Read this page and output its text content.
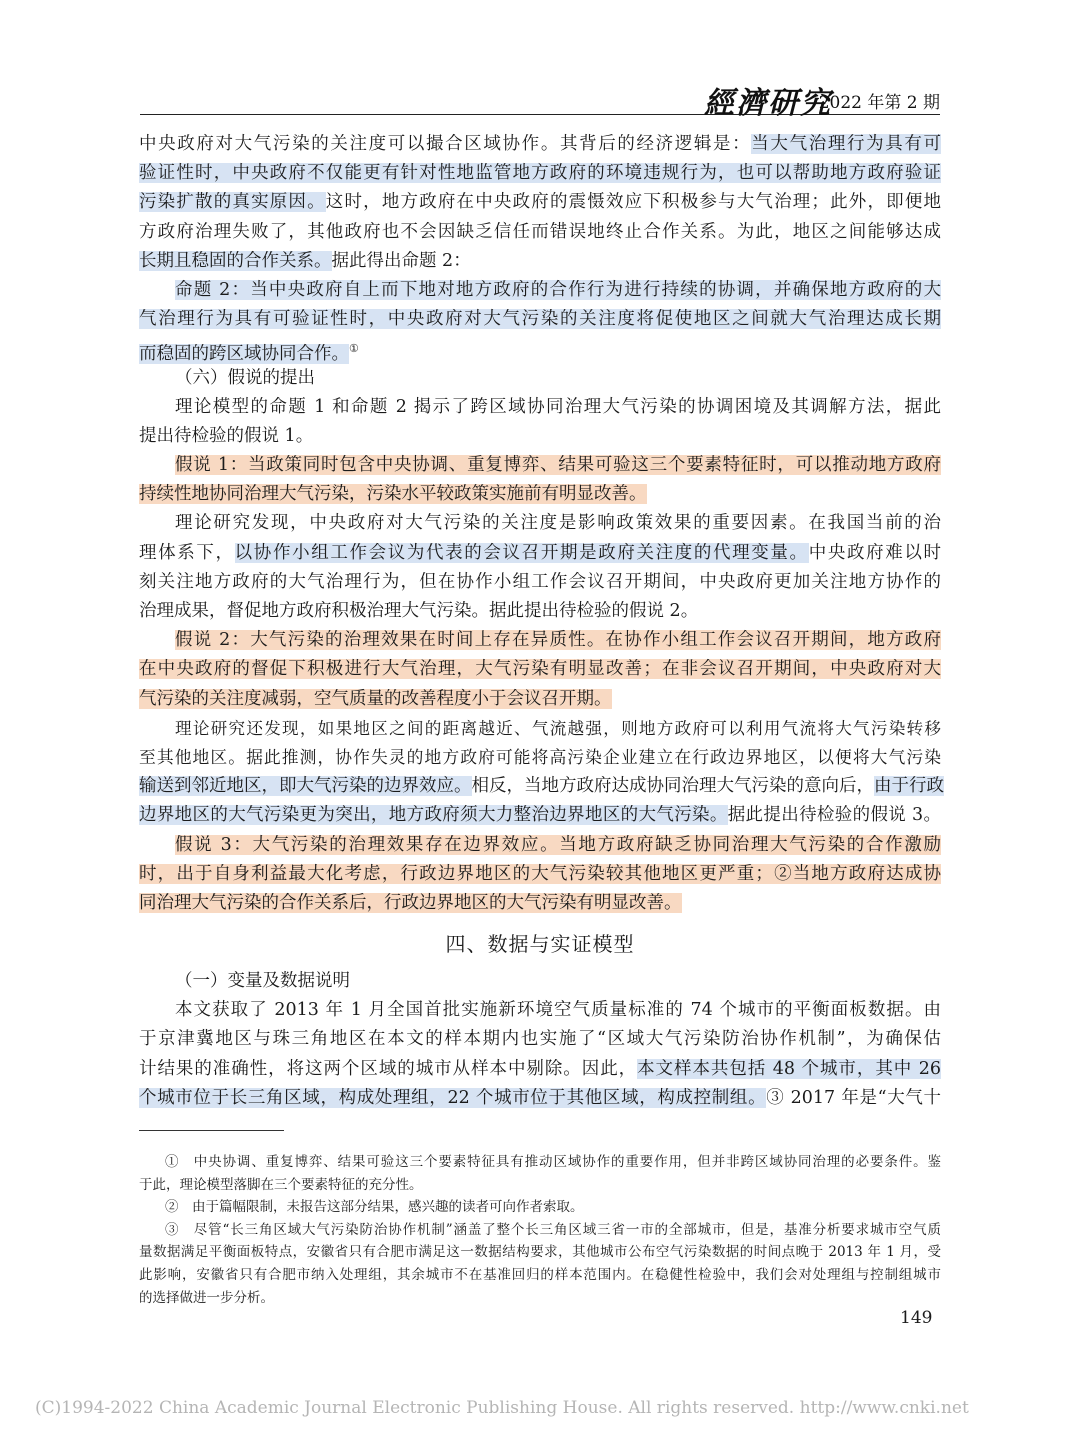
經濟研究
2022 年第 2 期
中央政府对大气污染的关注度可以撮合区域协作。其背后的经济逻辑是：当大气治理行为具有可
验证性时，中央政府不仅能更有针对性地监管地方政府的环境违规行为，也可以帮助地方政府验证
污染扩散的真实原因。这时，地方政府在中央政府的震慑效应下积极参与大气治理；此外，即便地
方政府治理失败了，其他政府也不会因缺乏信任而错误地终止合作关系。为此，地区之间能够达成
长期且稳固的合作关系。据此得出命题 2：
命题 2：当中央政府自上而下地对地方政府的合作行为进行持续的协调，并确保地方政府的大
气治理行为具有可验证性时，中央政府对大气污染的关注度将促使地区之间就大气治理达成长期
而稳固的跨区域协同合作。①
（六）假说的提出
理论模型的命题 1 和命题 2 揭示了跨区域协同治理大气污染的协调困境及其调解方法，据此
提出待检验的假说 1。
假说 1：当政策同时包含中央协调、重复博弈、结果可验这三个要素特征时，可以推动地方政府
持续性地协同治理大气污染，污染水平较政策实施前有明显改善。
理论研究发现，中央政府对大气污染的关注度是影响政策效果的重要因素。在我国当前的治
理体系下，以协作小组工作会议为代表的会议召开期是政府关注度的代理变量。中央政府难以时
刻关注地方政府的大气治理行为，但在协作小组工作会议召开期间，中央政府更加关注地方协作的
治理成果，督促地方政府积极治理大气污染。据此提出待检验的假说 2。
假说 2：大气污染的治理效果在时间上存在异质性。在协作小组工作会议召开期间，地方政府
在中央政府的督促下积极进行大气治理，大气污染有明显改善；在非会议召开期间，中央政府对大
气污染的关注度减弱，空气质量的改善程度小于会议召开期。
理论研究还发现，如果地区之间的距离越近、气流越强，则地方政府可以利用气流将大气污染转移
至其他地区。据此推测，协作失灵的地方政府可能将高污染企业建立在行政边界地区，以便将大气污染
输送到邻近地区，即大气污染的边界效应。相反，当地方政府达成协同治理大气污染的意向后，由于行政
边界地区的大气污染更为突出，地方政府须大力整治边界地区的大气污染。据此提出待检验的假说 3。
假说 3：大气污染的治理效果存在边界效应。当地方政府缺乏协同治理大气污染的合作激励
时，出于自身利益最大化考虑，行政边界地区的大气污染较其他地区更严重；②当地方政府达成协
同治理大气污染的合作关系后，行政边界地区的大气污染有明显改善。
四、数据与实证模型
（一）变量及数据说明
本文获取了 2013 年 1 月全国首批实施新环境空气质量标准的 74 个城市的平衡面板数据。由
于京津冀地区与珠三角地区在本文的样本期内也实施了“区域大气污染防治协作机制”，为确保估
计结果的准确性，将这两个区域的城市从样本中剔除。因此，本文样本共包括 48 个城市，其中 26
个城市位于长三角区域，构成处理组，22 个城市位于其他区域，构成控制组。③ 2017 年是“大气十
①　中央协调、重复博弈、结果可验这三个要素特征具有推动区域协作的重要作用，但并非跨区域协同治理的必要条件。鉴
于此，理论模型落脚在三个要素特征的充分性。
②　由于篇幅限制，未报告这部分结果，感兴趣的读者可向作者索取。
③　尽管“长三角区域大气污染防治协作机制”涵盖了整个长三角区域三省一市的全部城市，但是，基准分析要求城市空气质
量数据满足平衡面板特点，安徽省只有合肥市满足这一数据结构要求，其他城市公布空气污染数据的时间点晚于 2013 年 1 月，受
此影响，安徽省只有合肥市纳入处理组，其余城市不在基准回归的样本范围内。在稳健性检验中，我们会对处理组与控制组城市
的选择做进一步分析。
149
(C)1994-2022 China Academic Journal Electronic Publishing House. All rights reserved. http://www.cnki.net
